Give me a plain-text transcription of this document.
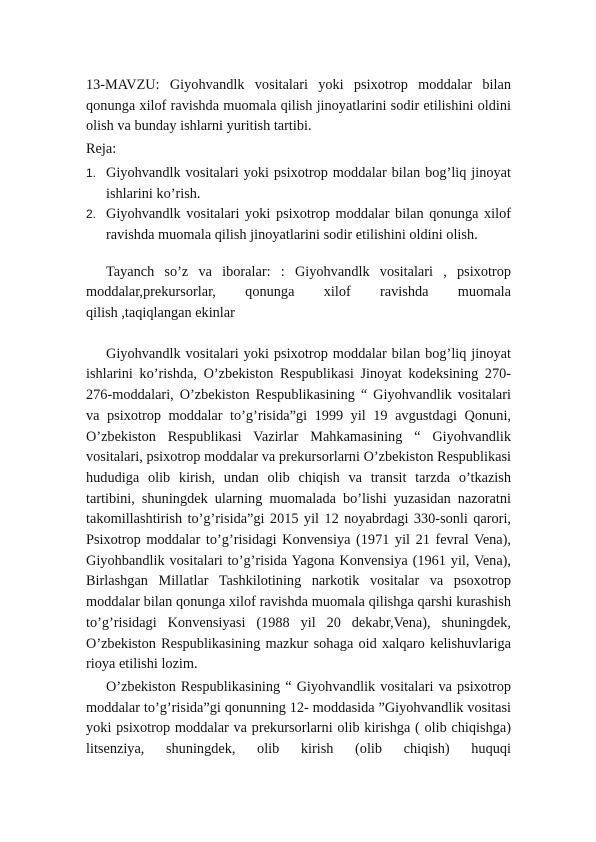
13-MAVZU: Giyohvandlk vositalari yoki psixotrop moddalar bilan qonunga xilof ravishda muomala qilish jinoyatlarini sodir etilishini oldini olish va bunday ishlarni yuritish tartibi.

Reja:

1. Giyohvandlk vositalari yoki psixotrop moddalar bilan bog’liq jinoyat ishlarini ko’rish.
2. Giyohvandlk vositalari yoki psixotrop moddalar bilan qonunga xilof ravishda muomala qilish jinoyatlarini sodir etilishini oldini olish.

Tayanch so’z va iboralar: : Giyohvandlk vositalari , psixotrop moddalar,prekursorlar, qonunga xilof ravishda muomala

qilish ,taqiqlangan ekinlar

Giyohvandlk vositalari yoki psixotrop moddalar bilan bog’liq jinoyat ishlarini ko’rishda, O’zbekiston Respublikasi Jinoyat kodeksining 270-276-moddalari, O’zbekiston Respublikasining “ Giyohvandlik vositalari va psixotrop moddalar to’g’risida”gi 1999 yil 19 avgustdagi Qonuni, O’zbekiston Respublikasi Vazirlar Mahkamasining “ Giyohvandlik vositalari, psixotrop moddalar va prekursorlarni O’zbekiston Respublikasi hududiga olib kirish, undan olib chiqish va transit tarzda o’tkazish tartibini, shuningdek ularning muomalada bo’lishi yuzasidan nazoratni takomillashtirish to’g’risida”gi 2015 yil 12 noyabrdagi 330-sonli qarori, Psixotrop moddalar to’g’risidagi Konvensiya (1971 yil 21 fevral Vena), Giyohbandlik vositalari to’g’risida Yagona Konvensiya (1961 yil, Vena), Birlashgan Millatlar Tashkilotining narkotik vositalar va psoxotrop moddalar bilan qonunga xilof ravishda muomala qilishga qarshi kurashish to’g’risidagi Konvensiyasi (1988 yil 20 dekabr,Vena), shuningdek, O’zbekiston Respublikasining mazkur sohaga oid xalqaro kelishuvlariga rioya etilishi lozim.

O’zbekiston Respublikasining “ Giyohvandlik vositalari va psixotrop moddalar to’g’risida”gi qonunning 12- moddasida ”Giyohvandlik vositasi yoki psixotrop moddalar va prekursorlarni olib kirishga ( olib chiqishga) litsenziya, shuningdek, olib kirish (olib chiqish) huquqi
